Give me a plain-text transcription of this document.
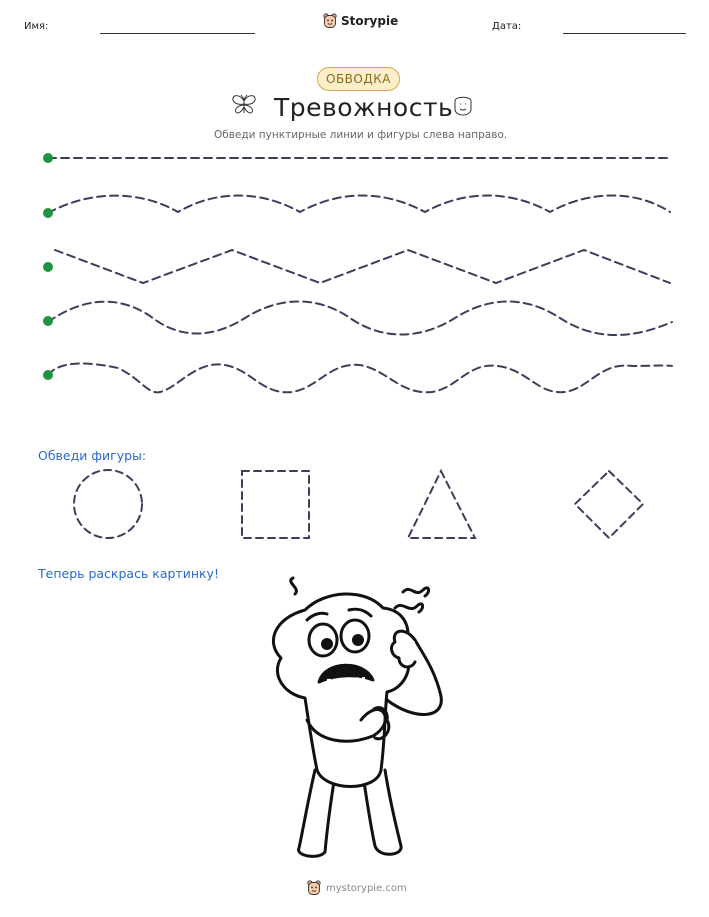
Имя:	Storypie	Дата:
ОБВОДКА
Тревожность
Обведи пунктирные линии и фигуры слева направо.
Обведи фигуры:
Теперь раскрась картинку!
mystorypie.com
